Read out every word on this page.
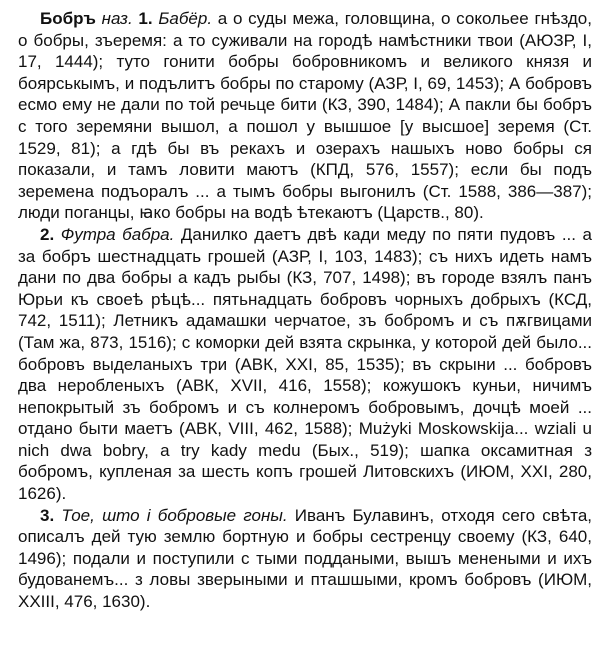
Бобръ наз. 1. Бабёр. а о суды межа, головщина, о сокольее гнѣздо, о бобры, зъеремя: а то суживали на городѣ намѣстники твои (АЮЗР, I, 17, 1444); туто гонити бобры бобровникомъ и великого князя и боярськымъ, и подълитъ бобры по старому (АЗР, I, 69, 1453); А бобровъ есмо ему не дали по той речьце бити (КЗ, 390, 1484); А пакли бы бобръ с того зеремяни вышол, а пошол у вышшое [у высшое] зеремя (Ст. 1529, 81); а гдѣ бы въ рекахъ и озерахъ нашыхъ ново бобры ся показали, и тамъ ловити маютъ (КПД, 576, 1557); если бы подъ зеремена подъоралъ ... а тымъ бобры выгонилъ (Ст. 1588, 386—387); люди поганцы, ꙗко бобры на водѣ ѣтекаютъ (Царств., 80).

2. Футра бабра. Данилко даетъ двѣ кади меду по пяти пудовъ ... а за бобръ шестнадцать грошей (АЗР, I, 103, 1483); съ нихъ идеть намъ дани по два бобры а кадъ рыбы (КЗ, 707, 1498); въ городе взялъ панъ Юрьи къ своеѣ рѣцѣ... пятьнадцать бобровъ чорныхъ добрыхъ (КСД, 742, 1511); Летникъ адамашки черчатое, зъ бобромъ и съ пѫгвицами (Там жа, 873, 1516); с коморки дей взята скрынка, у которой дей было... бобровъ выделаныхъ три (АВК, XXI, 85, 1535); въ скрыни ... бобровъ два неробленыхъ (АВК, XVII, 416, 1558); кожушокъ куньи, ничимъ непокрытый зъ бобромъ и съ колнеромъ бобровымъ, дочцѣ моей ... отдано быти маетъ (АВК, VIII, 462, 1588); Mużyki Moskowskija... wziali u nich dwa bobry, a try kady medu (Бых., 519); шапка оксамитная з бобромъ, купленая за шесть копъ грошей Литовскихъ (ИЮМ, XXI, 280, 1626).

3. Тое, што і бобровые гоны. Иванъ Булавинъ, отходя сего свѣта, описалъ дей тую землю бортную и бобры сестренцу своему (КЗ, 640, 1496); подали и поступили с тыми поддаными, вышъ менеными и ихъ будованемъ... з ловы зверыными и пташшыми, кромъ бобровъ (ИЮМ, XXIII, 476, 1630).
